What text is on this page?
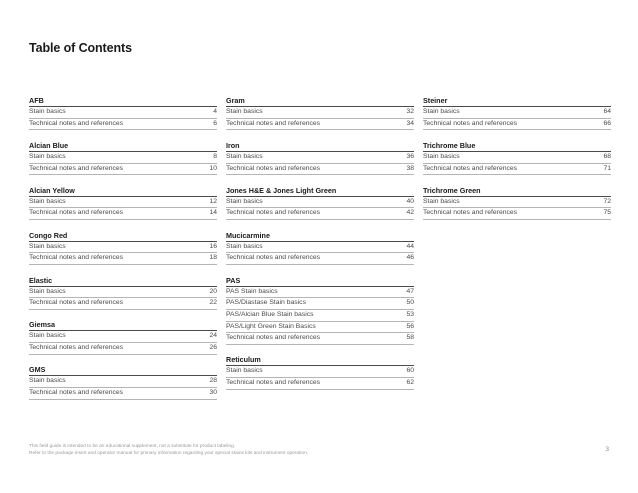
Table of Contents
AFB
Stain basics	4
Technical notes and references	6
Alcian Blue
Stain basics	8
Technical notes and references	10
Alcian Yellow
Stain basics	12
Technical notes and references	14
Congo Red
Stain basics	16
Technical notes and references	18
Elastic
Stain basics	20
Technical notes and references	22
Giemsa
Stain basics	24
Technical notes and references	26
GMS
Stain basics	28
Technical notes and references	30
Gram
Stain basics	32
Technical notes and references	34
Iron
Stain basics	36
Technical notes and references	38
Jones H&E & Jones Light Green
Stain basics	40
Technical notes and references	42
Mucicarmine
Stain basics	44
Technical notes and references	46
PAS
PAS Stain basics	47
PAS/Diastase Stain basics	50
PAS/Alcian Blue Stain basics	53
PAS/Light Green Stain Basics	56
Technical notes and references	58
Reticulum
Stain basics	60
Technical notes and references	62
Steiner
Stain basics	64
Technical notes and references	66
Trichrome Blue
Stain basics	68
Technical notes and references	71
Trichrome Green
Stain basics	72
Technical notes and references	75
This field guide is intended to be an educational supplement, not a substitute for product labeling.
Refer to the package insert and operator manual for primary information regarding your special stains kits and instrument operation.
3
